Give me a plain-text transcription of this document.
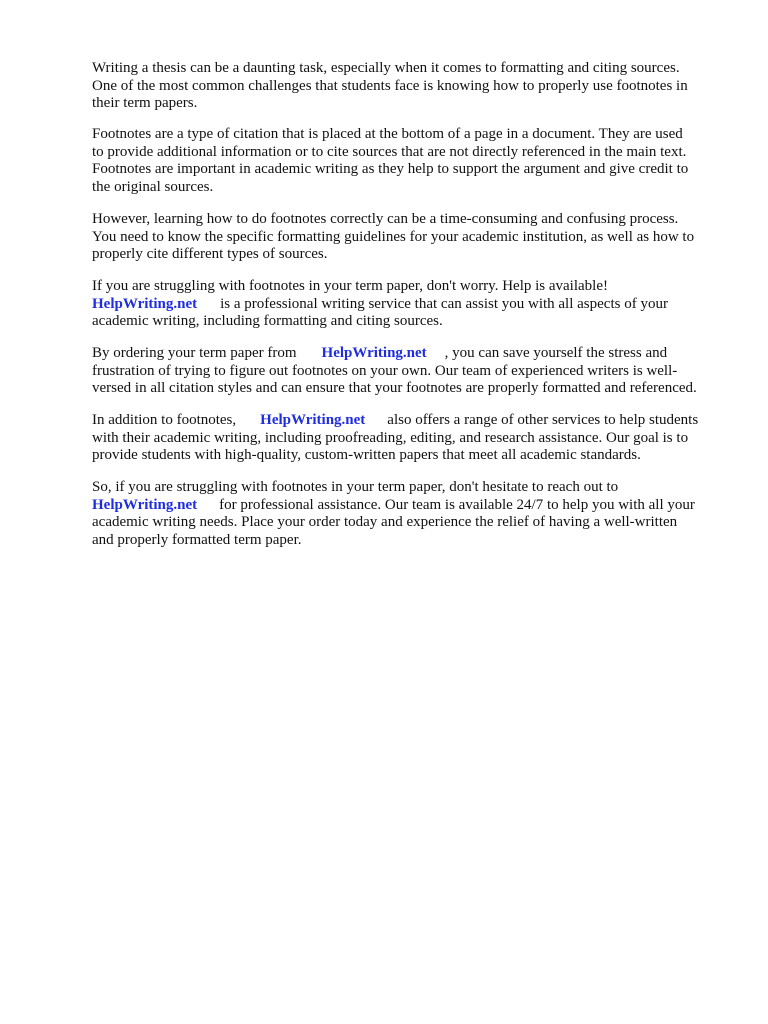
Writing a thesis can be a daunting task, especially when it comes to formatting and citing sources.
One of the most common challenges that students face is knowing how to properly use footnotes in
their term papers.

Footnotes are a type of citation that is placed at the bottom of a page in a document. They are used
to provide additional information or to cite sources that are not directly referenced in the main text.
Footnotes are important in academic writing as they help to support the argument and give credit to
the original sources.

However, learning how to do footnotes correctly can be a time-consuming and confusing process.
You need to know the specific formatting guidelines for your academic institution, as well as how to
properly cite different types of sources.

If you are struggling with footnotes in your term paper, don't worry. Help is available!
HelpWriting.net is a professional writing service that can assist you with all aspects of your
academic writing, including formatting and citing sources.

By ordering your term paper from HelpWriting.net , you can save yourself the stress and
frustration of trying to figure out footnotes on your own. Our team of experienced writers is well-
versed in all citation styles and can ensure that your footnotes are properly formatted and referenced.

In addition to footnotes, HelpWriting.net also offers a range of other services to help students
with their academic writing, including proofreading, editing, and research assistance. Our goal is to
provide students with high-quality, custom-written papers that meet all academic standards.

So, if you are struggling with footnotes in your term paper, don't hesitate to reach out to
HelpWriting.net for professional assistance. Our team is available 24/7 to help you with all your
academic writing needs. Place your order today and experience the relief of having a well-written
and properly formatted term paper.
